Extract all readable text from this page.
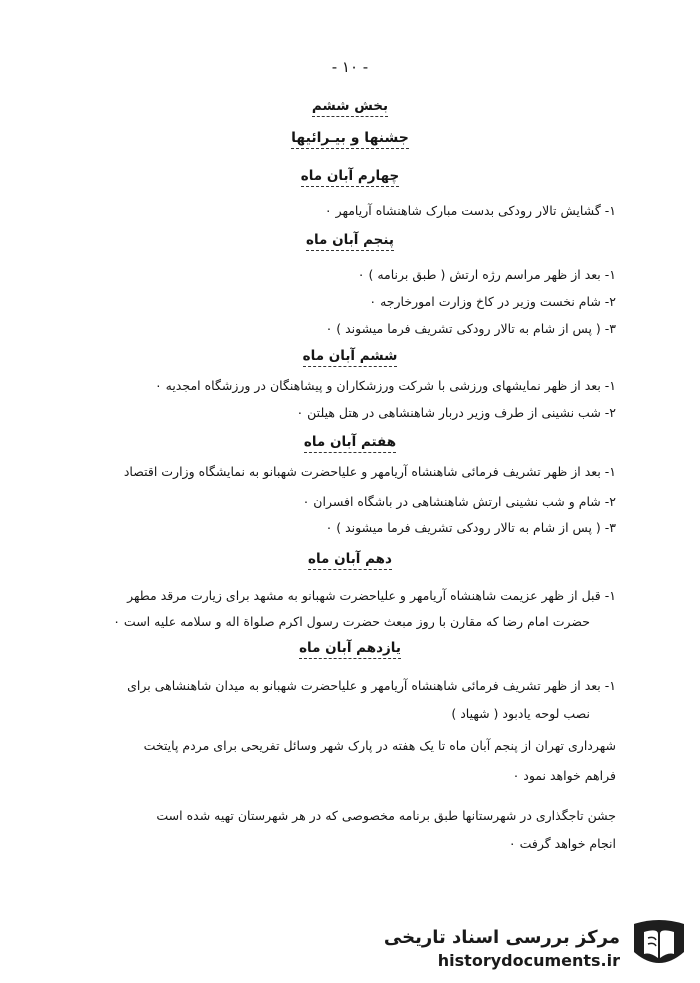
- ۱۰ -
بخش ششم
جشنها و بیـرائیها
چهارم آبان ماه
۱- گشایش تالار رودکی بدست مبارک شاهنشاه آریامهر ۰
پنجم آبان ماه
۱- بعد از ظهر مراسم رژه ارتش ( طبق برنامه ) ۰
۲- شام نخست وزیر در کاخ وزارت امورخارجه ۰
۳- ( پس از شام به تالار رودکی تشریف فرما میشوند ) ۰
ششم آبان ماه
۱- بعد از ظهر نمایشهای ورزشی با شرکت ورزشکاران و پیشاهنگان در ورزشگاه امجدیه ۰
۲- شب نشینی از طرف وزیر دربار شاهنشاهی در هتل هیلتن ۰
هفتم آبان ماه
۱- بعد از ظهر تشریف فرمائی شاهنشاه آریامهر و علیاحضرت شهبانو به نمایشگاه وزارت اقتصاد
۲- شام و شب نشینی ارتش شاهنشاهی در باشگاه افسران ۰
۳- ( پس از شام به تالار رودکی تشریف فرما میشوند ) ۰
دهم آبان ماه
۱- قبل از ظهر عزیمت شاهنشاه آریامهر و علیاحضرت شهبانو به مشهد برای زیارت مرقد مطهر
حضرت امام رضا که مقارن با روز مبعث حضرت رسول اکرم صلواة اله و سلامه علیه است ۰
یازدهم آبان ماه
۱- بعد از ظهر تشریف فرمائی شاهنشاه آریامهر و علیاحضرت شهبانو به میدان شاهنشاهی برای
نصب لوحه یادبود ( شهیاد )
شهرداری تهران از پنجم آبان ماه تا یک هفته در پارک شهر وسائل تفریحی برای مردم پایتخت
فراهم خواهد نمود ۰
جشن تاجگذاری در شهرستانها طبق برنامه مخصوصی که در هر شهرستان تهیه شده است
انجام خواهد گرفت ۰
مرکز بررسی اسناد تاریخی
historydocuments.ir
